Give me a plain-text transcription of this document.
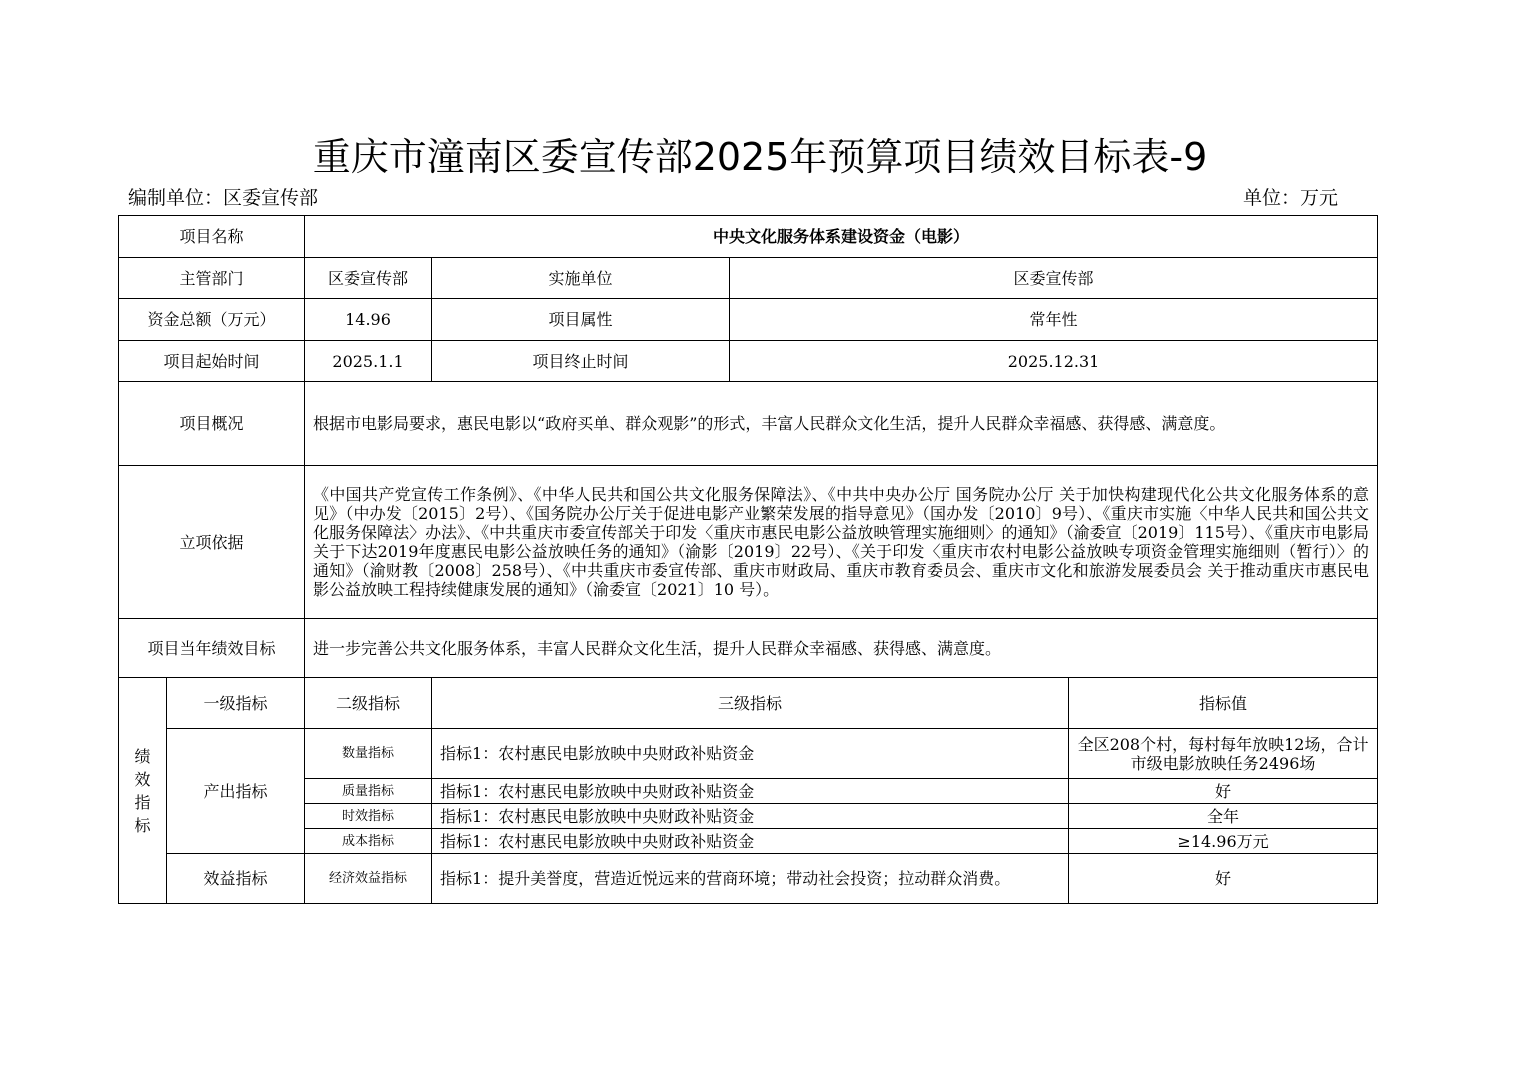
重庆市潼南区委宣传部2025年预算项目绩效目标表-9
编制单位：区委宣传部	单位：万元
项目名称		中央文化服务体系建设资金（电影）			
主管部门		区委宣传部	实施单位	区委宣传部	
资金总额（万元）		14.96	项目属性	常年性	
项目起始时间		2025.1.1	项目终止时间	2025.12.31	
项目概况		根据市电影局要求，惠民电影以“政府买单、群众观影”的形式，丰富人民群众文化生活，提升人民群众幸福感、获得感、满意度。			
立项依据		《中国共产党宣传工作条例》、《中华人民共和国公共文化服务保障法》、《中共中央办公厅 国务院办公厅 关于加快构建现代化公共文化服务体系的意见》（中办发〔2015〕2号）、《国务院办公厅关于促进电影产业繁荣发展的指导意见》（国办发〔2010〕9号）、《重庆市实施〈中华人民共和国公共文化服务保障法〉办法》、《中共重庆市委宣传部关于印发〈重庆市惠民电影公益放映管理实施细则〉的通知》（渝委宣〔2019〕115号）、《重庆市电影局关于下达2019年度惠民电影公益放映任务的通知》（渝影〔2019〕22号）、《关于印发〈重庆市农村电影公益放映专项资金管理实施细则（暂行）〉的通知》（渝财教〔2008〕258号）、《中共重庆市委宣传部、重庆市财政局、重庆市教育委员会、重庆市文化和旅游发展委员会 关于推动重庆市惠民电影公益放映工程持续健康发展的通知》（渝委宣〔2021〕10 号）。			
项目当年绩效目标		进一步完善公共文化服务体系，丰富人民群众文化生活，提升人民群众幸福感、获得感、满意度。			

绩
效
指
标	一级指标	二级指标	三级指标		指标值
	产出指标	数量指标	指标1：农村惠民电影放映中央财政补贴资金		全区208个村，每村每年放映12场，合计市级电影放映任务2496场
		质量指标	指标1：农村惠民电影放映中央财政补贴资金		好
		时效指标	指标1：农村惠民电影放映中央财政补贴资金		全年
		成本指标	指标1：农村惠民电影放映中央财政补贴资金		≥14.96万元
	效益指标	经济效益指标	指标1：提升美誉度，营造近悦远来的营商环境；带动社会投资；拉动群众消费。		好
